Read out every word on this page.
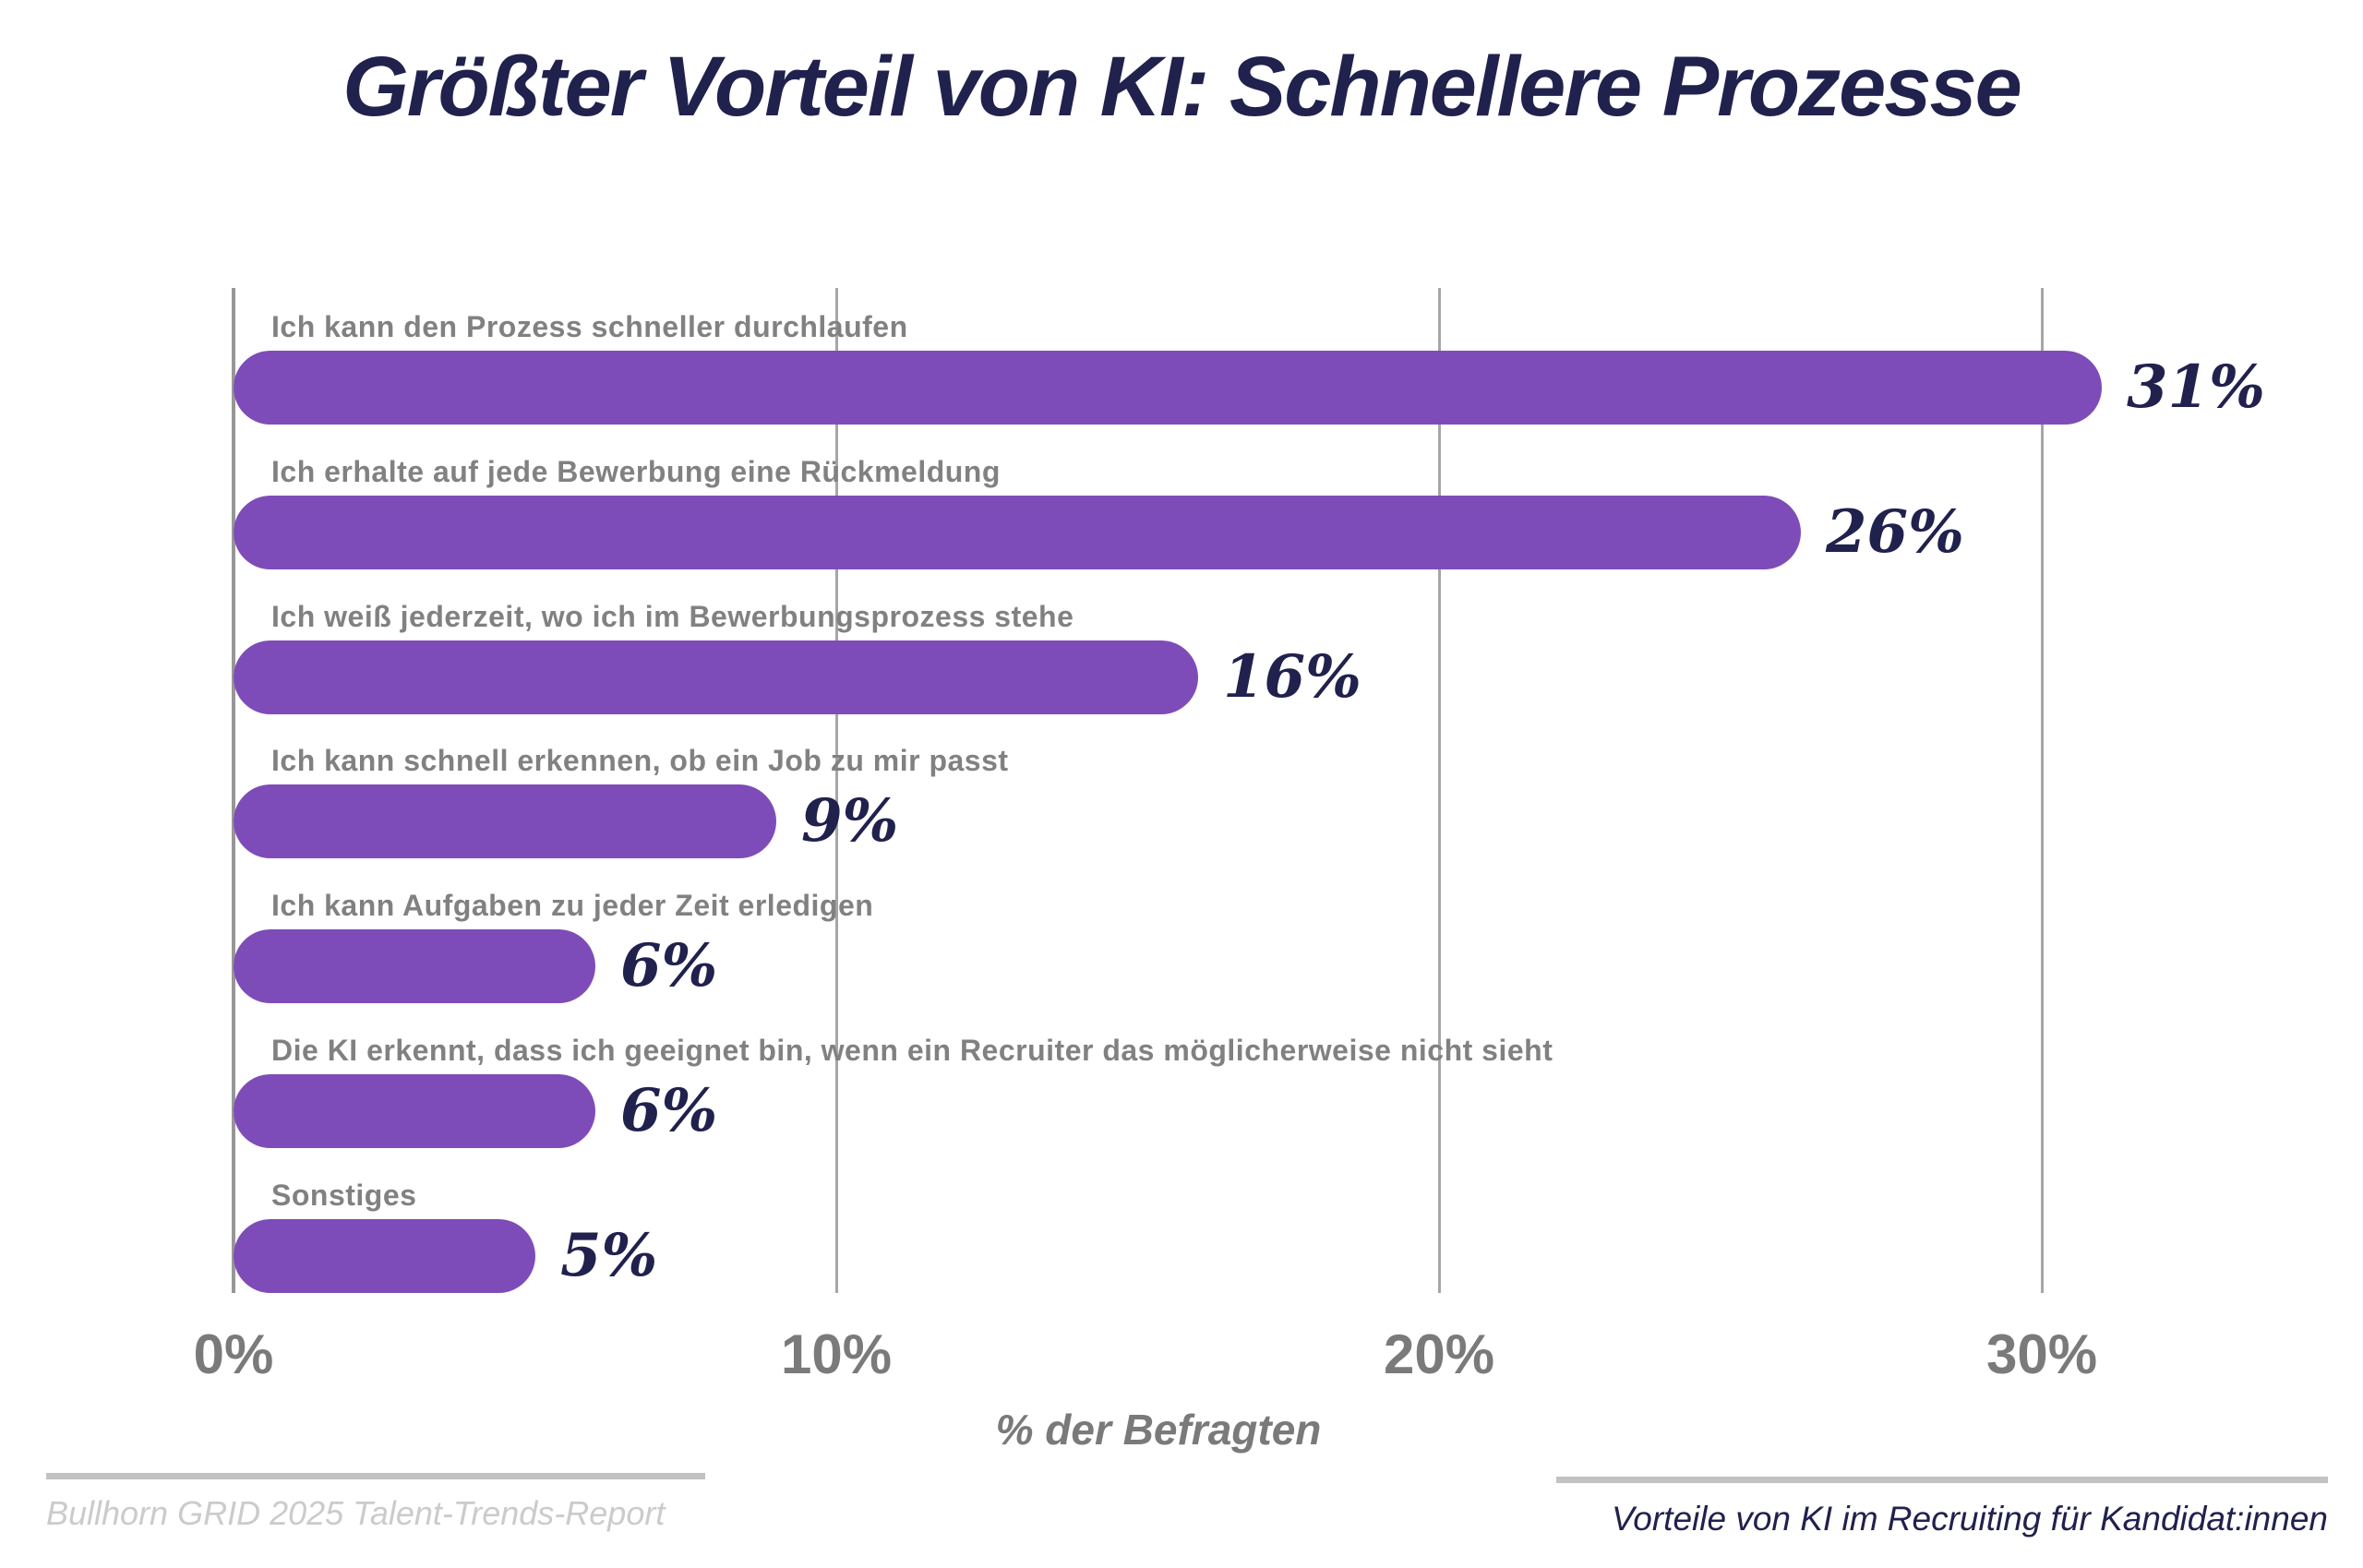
Größter Vorteil von KI: Schnellere Prozesse
Ich kann den Prozess schneller durchlaufen
31%
Ich erhalte auf jede Bewerbung eine Rückmeldung
26%
Ich weiß jederzeit, wo ich im Bewerbungsprozess stehe
16%
Ich kann schnell erkennen, ob ein Job zu mir passt
9%
Ich kann Aufgaben zu jeder Zeit erledigen
6%
Die KI erkennt, dass ich geeignet bin, wenn ein Recruiter das möglicherweise nicht sieht
6%
Sonstiges
5%
0%	10%	20%	30%
% der Befragten
Bullhorn GRID 2025 Talent-Trends-Report	Vorteile von KI im Recruiting für Kandidat:innen
